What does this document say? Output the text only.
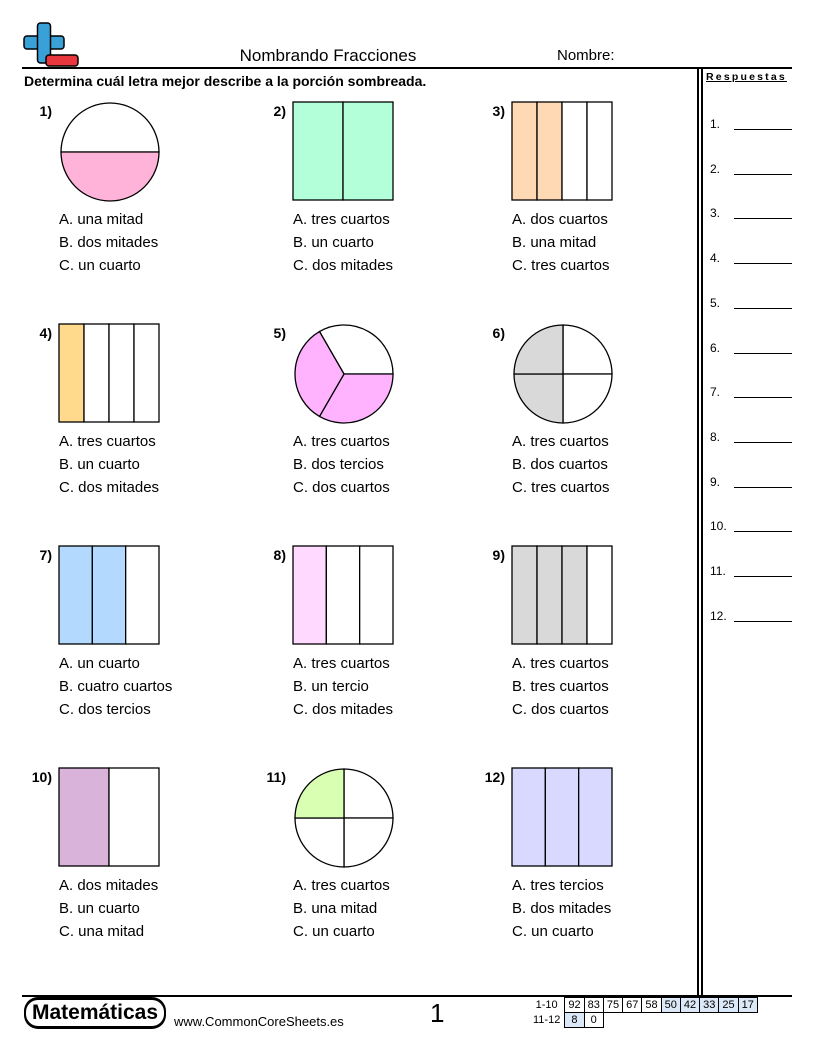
Nombrando Fracciones	Nombre:
Determina cuál letra mejor describe a la porción sombreada.	Respuestas
1.
2.
3.
4.
5.
6.
7.
8.
9.
10.
11.
12.
1)
A. una mitad
B. dos mitades
C. un cuarto
2)
A. tres cuartos
B. un cuarto
C. dos mitades
3)
A. dos cuartos
B. una mitad
C. tres cuartos
4)
A. tres cuartos
B. un cuarto
C. dos mitades
5)
A. tres cuartos
B. dos tercios
C. dos cuartos
6)
A. tres cuartos
B. dos cuartos
C. tres cuartos
7)
A. un cuarto
B. cuatro cuartos
C. dos tercios
8)
A. tres cuartos
B. un tercio
C. dos mitades
9)
A. tres cuartos
B. tres cuartos
C. dos cuartos
10)
A. dos mitades
B. un cuarto
C. una mitad
11)
A. tres cuartos
B. una mitad
C. un cuarto
12)
A. tres tercios
B. dos mitades
C. un cuarto
Matemáticas	www.CommonCoreSheets.es	1	1-10	92	83	75	67	58	50	42	33	25	17
11-12	8	0								
